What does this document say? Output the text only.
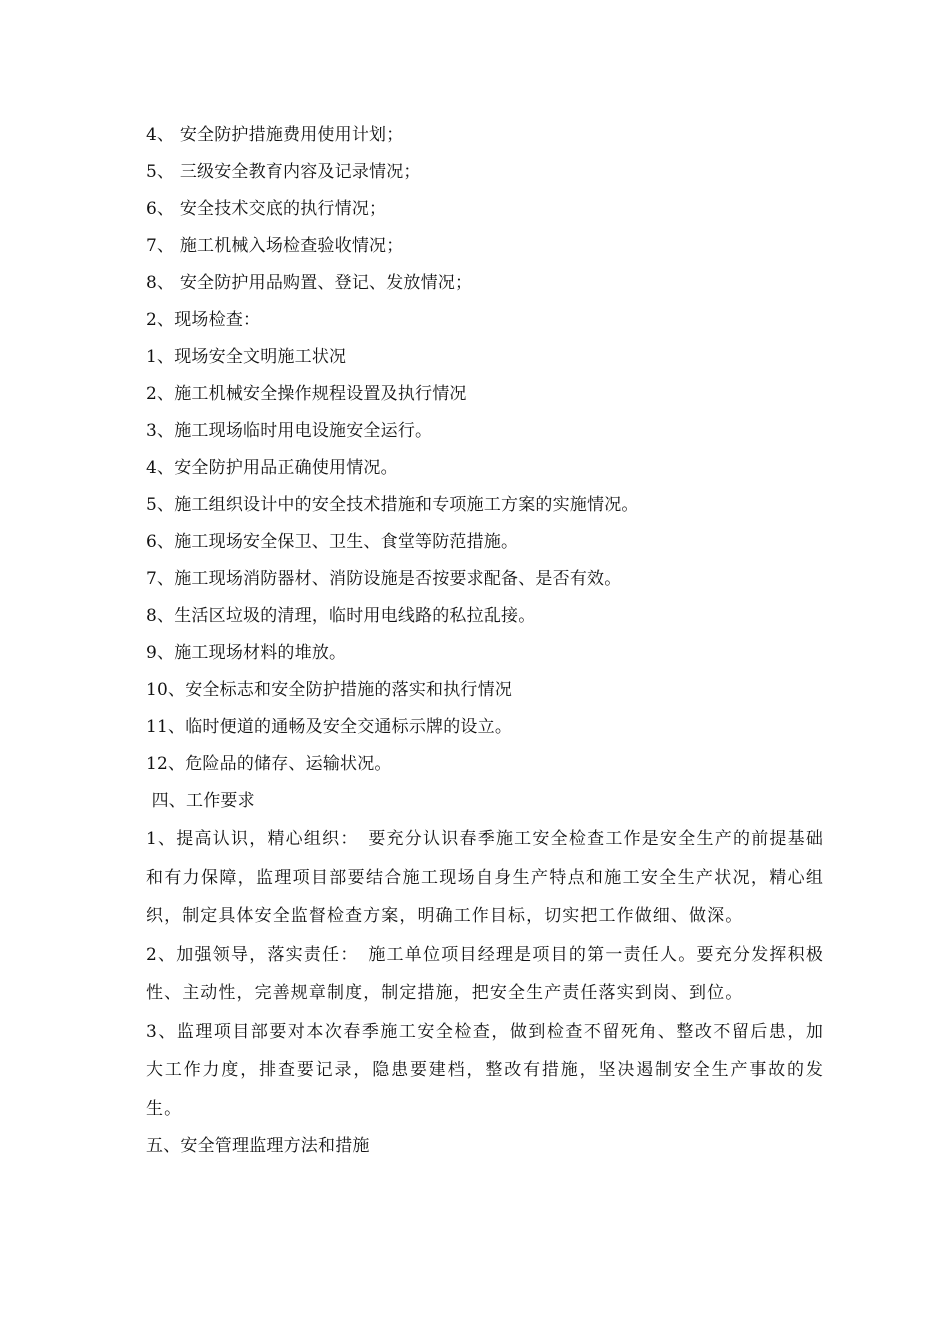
4、 安全防护措施费用使用计划；
5、 三级安全教育内容及记录情况；
6、 安全技术交底的执行情况；
7、 施工机械入场检查验收情况；
8、 安全防护用品购置、登记、发放情况；
2、现场检查：
1、现场安全文明施工状况
2、施工机械安全操作规程设置及执行情况
3、施工现场临时用电设施安全运行。
4、安全防护用品正确使用情况。
5、施工组织设计中的安全技术措施和专项施工方案的实施情况。
6、施工现场安全保卫、卫生、食堂等防范措施。
7、施工现场消防器材、消防设施是否按要求配备、是否有效。
8、生活区垃圾的清理，临时用电线路的私拉乱接。
9、施工现场材料的堆放。
10、安全标志和安全防护措施的落实和执行情况
11、临时便道的通畅及安全交通标示牌的设立。
12、危险品的储存、运输状况。
四、工作要求

1、提高认识，精心组织：　要充分认识春季施工安全检查工作是安全生产的前提基础和有力保障，监理项目部要结合施工现场自身生产特点和施工安全生产状况，精心组织，制定具体安全监督检查方案，明确工作目标，切实把工作做细、做深。

2、加强领导，落实责任：　施工单位项目经理是项目的第一责任人。要充分发挥积极性、主动性，完善规章制度，制定措施，把安全生产责任落实到岗、到位。

3、监理项目部要对本次春季施工安全检查，做到检查不留死角、整改不留后患，加大工作力度，排查要记录，隐患要建档，整改有措施，坚决遏制安全生产事故的发生。

五、安全管理监理方法和措施
